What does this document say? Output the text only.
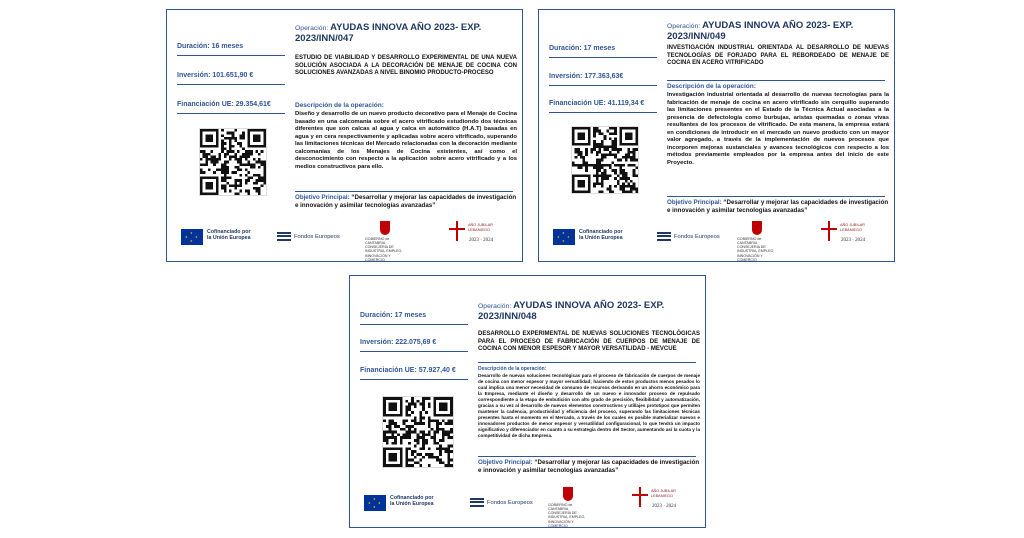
Duración: 16 meses
Inversión: 101.651,90 €
Financiación UE: 29.354,61€
Operación: AYUDAS INNOVA AÑO 2023- EXP.
2023/INN/047
ESTUDIO DE VIABILIDAD Y DESARROLLO EXPERIMENTAL DE UNA NUEVA SOLUCIÓN ASOCIADA A LA DECORACIÓN DE MENAJE DE COCINA CON SOLUCIONES AVANZADAS A NIVEL BINOMIO PRODUCTO-PROCESO
Descripción de la operación:
Diseño y desarrollo de un nuevo producto decorativo para el Menaje de Cocina basado en una calcomanía sobre el acero vitrificado estudiondo dos técnicas diferentes que son calcas al agua y calca en automático (H.A.T) basadas en agua y en cera respectivamente y aplicadas sobre acero vitrificado, superando las limitaciones técnicas del Mercado relacionadas con la decoración mediante calcomanías de los Menajes de Cocina existentes, así como el desconocimiento con respecto a la aplicación sobre acero vitrificado y a los medios constructivos para ello.
Objetivo Principal: “Desarrollar y mejorar las capacidades de investigación e innovación y asimilar tecnologías avanzadas”
★
★ ★
★
Cofinanciado por
la Unión Europea	Fondos Europeos	GOBIERNO de CANTABRIA
CONSEJERÍA DE INDUSTRIA, EMPLEO, INNOVACIÓN Y COMERCIO
AÑO JUBILAR
LEBANIEGO
2023 · 2024
Duración: 17 meses
Inversión: 177.363,63€
Financiación UE: 41.119,34 €
Operación: AYUDAS INNOVA AÑO 2023- EXP.
2023/INN/049
INVESTIGACIÓN INDUSTRIAL ORIENTADA AL DESARROLLO DE NUEVAS TECNOLOGÍAS DE FORJADO PARA EL REBORDEADO DE MENAJE DE COCINA EN ACERO VITRIFICADO
Descripción de la operación:
Investigación industrial orientada al desarrollo de nuevas tecnologías para la fabricación de menaje de cocina en acero vitrificado sin cerquillo superando las limitaciones presentes en el Estado de la Técnica Actual asociadas a la presencia de defectología como burbujas, aristas quemadas o zonas vivas resultantes de los procesos de vitrificado. De esta manera, la empresa estará en condiciones de introducir en el mercado un nuevo producto con un mayor valor agregado, a través de la implementación de nuevos procesos que incorporen mejoras sustanciales y avances tecnológicos con respecto a los métodos previamente empleados por la empresa antes del inicio de este Proyecto.
Objetivo Principal: “Desarrollar y mejorar las capacidades de investigación e innovación y asimilar tecnologías avanzadas”
★
★ ★
★
Cofinanciado por
la Unión Europea	Fondos Europeos	GOBIERNO de CANTABRIA
CONSEJERÍA DE INDUSTRIA, EMPLEO, INNOVACIÓN Y COMERCIO
AÑO JUBILAR
LEBANIEGO
2023 · 2024
Duración: 17 meses
Inversión: 222.075,69 €
Financiación UE: 57.927,40 €
Operación: AYUDAS INNOVA AÑO 2023- EXP.
2023/INN/048
DESARROLLO EXPERIMENTAL DE NUEVAS SOLUCIONES TECNOLÓGICAS PARA EL PROCESO DE FABRICACIÓN DE CUERPOS DE MENAJE DE COCINA CON MENOR ESPESOR Y MAYOR VERSATILIDAD - MEVCUE
Descripción de la operación:
Desarrollo de nuevas soluciones tecnológicas para el proceso de fabricación de cuerpos de menaje de cocina con menor espesor y mayor versatilidad; haciendo de estos productos menos pesados lo cual implica una menor necesidad de consumo de recursos derivando en un ahorro económico para la Empresa, mediante el diseño y desarrollo de un nuevo e innovador proceso de repulsado correspondiente a la etapa de embutición con alto grado de precisión, flexibilidad y automatización, gracias a su vez al desarrollo de nuevos elementos constructivos y utillajes prototipos que permiten mantener la cadencia, productividad y eficiencia del proceso, superando las limitaciones técnicas presentes hasta el momento en el Mercado, a través de los cuales es posible materializar nuevos e innovadores productos de menor espesor y versatilidad configuracional, lo que tendrá un impacto significativo y diferenciador en cuanto a su estrategia dentro del Sector, aumentando así la cuota y la competitividad de dicha Empresa.
Objetivo Principal: “Desarrollar y mejorar las capacidades de investigación e innovación y asimilar tecnologías avanzadas”
★
★ ★
★
Cofinanciado por
la Unión Europea	Fondos Europeos	GOBIERNO de CANTABRIA
CONSEJERÍA DE INDUSTRIA, EMPLEO, INNOVACIÓN Y COMERCIO
AÑO JUBILAR
LEBANIEGO
2023 · 2024
